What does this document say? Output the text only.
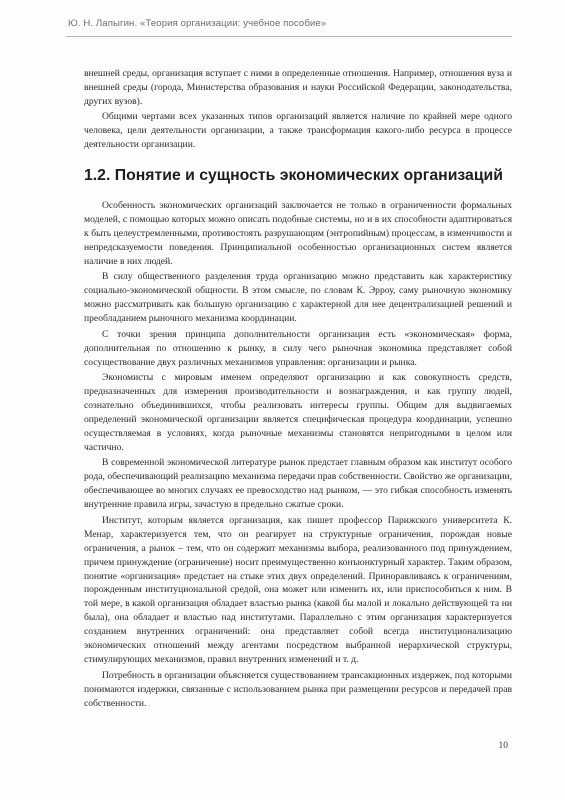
Ю. Н. Лапыгин. «Теория организации: учебное пособие»

внешней среды, организация вступает с ними в определенные отношения. Например, отношения вуза и внешней среды (города, Министерства образования и науки Российской Федерации, законодательства, других вузов).

Общими чертами всех указанных типов организаций является наличие по крайней мере одного человека, цели деятельности организации, а также трансформация какого-либо ресурса в процессе деятельности организации.

1.2. Понятие и сущность экономических организаций

Особенность экономических организаций заключается не только в ограниченности формальных моделей, с помощью которых можно описать подобные системы, но и в их способности адаптироваться к быть целеустремленными, противостоять разрушающим (энтропийным) процессам, в изменчивости и непредсказуемости поведения. Принципиальной особенностью организационных систем является наличие в них людей.

В силу общественного разделения труда организацию можно представить как характеристику социально-экономической общности. В этом смысле, по словам К. Эрроу, саму рыночную экономику можно рассматривать как большую организацию с характерной для нее децентрализацией решений и преобладанием рыночного механизма координации.

С точки зрения принципа дополнительности организация есть «экономическая» форма, дополнительная по отношению к рынку, в силу чего рыночная экономика представляет собой сосуществование двух различных механизмов управления: организации и рынка.

Экономисты с мировым именем определяют организацию и как совокупность средств, предназначенных для измерения производительности и вознаграждения, и как группу людей, сознательно объединившихся, чтобы реализовать интересы группы. Общим для выдвигаемых определений экономической организации является специфическая процедура координации, успешно осуществляемая в условиях, когда рыночные механизмы становятся непригодными в целом или частично.

В современной экономической литературе рынок предстает главным образом как институт особого рода, обеспечивающий реализацию механизма передачи прав собственности. Свойство же организации, обеспечивающее во многих случаях ее превосходство над рынком, — это гибкая способность изменять внутренние правила игры, зачастую в предельно сжатые сроки.

Институт, которым является организация, как пишет профессор Парижского университета К. Менар, характеризуется тем, что он реагирует на структурные ограничения, порождая новые ограничения, а рынок – тем, что он содержит механизмы выбора, реализованного под принуждением, причем принуждение (ограничение) носит преимущественно конъюнктурный характер. Таким образом, понятие «организация» предстает на стыке этих двух определений. Приноравливаясь к ограничениям, порожденным институциональной средой, она может или изменить их, или приспособиться к ним. В той мере, в какой организация обладает властью рынка (какой бы малой и локально действующей та ни была), она обладает и властью над институтами. Параллельно с этим организация характеризуется созданием внутренних ограничений: она представляет собой всегда институционализацию экономических отношений между агентами посредством выбранной иерархической структуры, стимулирующих механизмов, правил внутренних изменений и т. д.

Потребность в организации объясняется существованием трансакционных издержек, под которыми понимаются издержки, связанные с использованием рынка при размещении ресурсов и передачей прав собственности.

10
